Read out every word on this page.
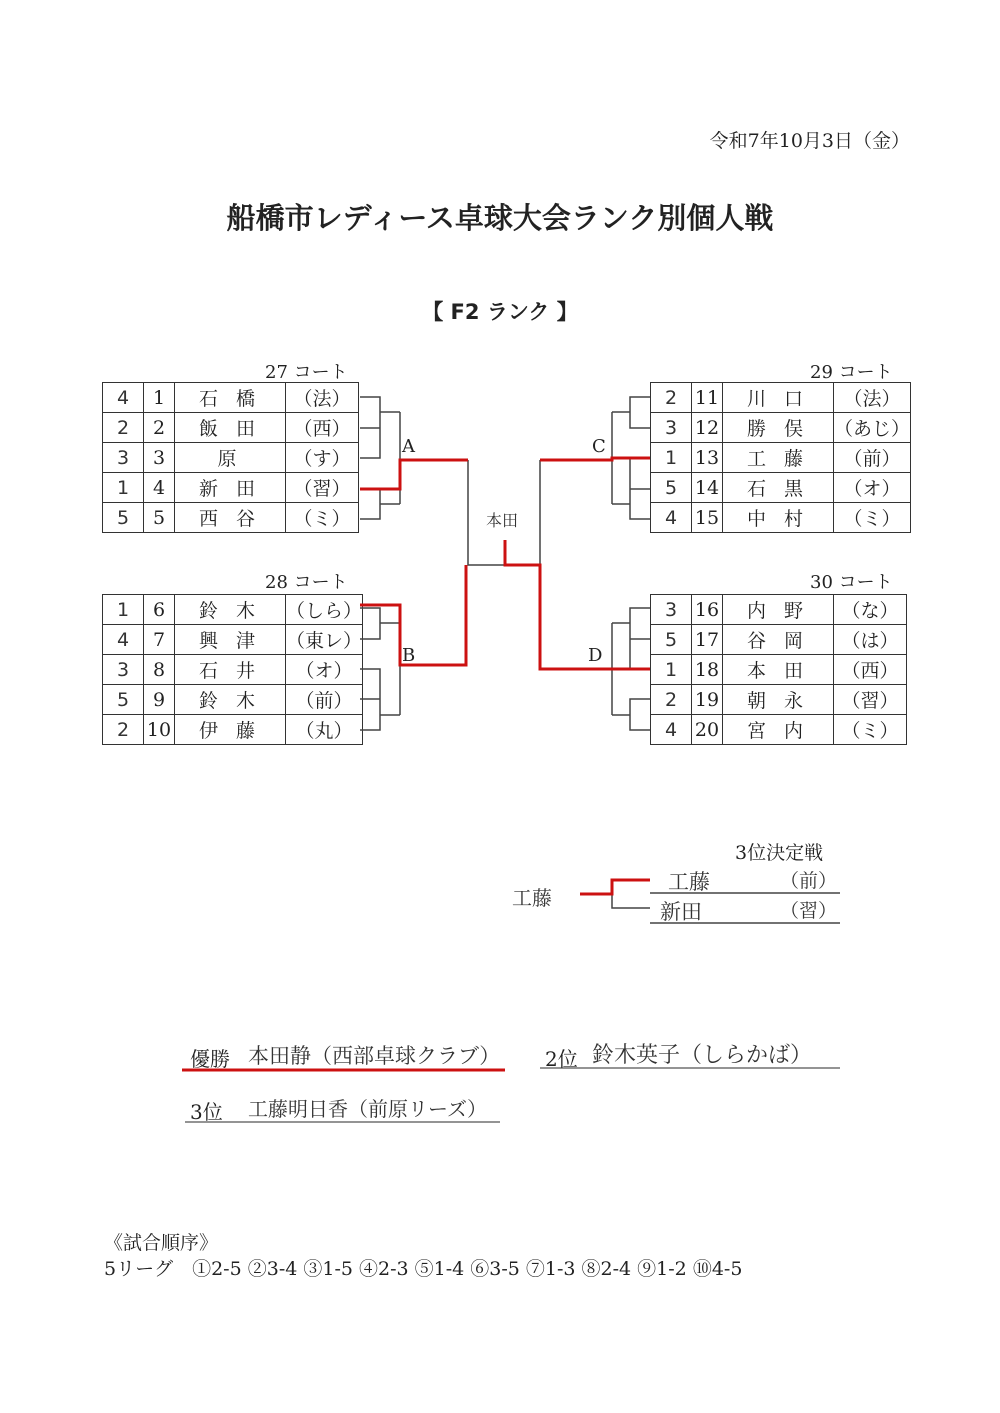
令和7年10月3日（金）
船橋市レディース卓球大会ランク別個人戦
【 F2 ランク 】
27 コート
28 コート
29 コート
30 コート
4	1	石 橋	（法）
2	2	飯 田	（西）
3	3	原	（す）
1	4	新 田	（習）
5	5	西 谷	（ミ）
1	6	鈴 木	（しら）
4	7	興 津	（東レ）
3	8	石 井	（オ）
5	9	鈴 木	（前）
2	10	伊 藤	（丸）
2	11	川 口	（法）
3	12	勝 俣	（あじ）
1	13	工 藤	（前）
5	14	石 黒	（オ）
4	15	中 村	（ミ）
3	16	内 野	（な）
5	17	谷 岡	（は）
1	18	本 田	（西）
2	19	朝 永	（習）
4	20	宮 内	（ミ）
A
B
C
D
本田
3位決定戦
工藤
工藤	（前）
新田	（習）
優勝 本田静（西部卓球クラブ） 2位 鈴木英子（しらかば）
3位 工藤明日香（前原リーズ）
《試合順序》
5リーグ　①2-5 ②3-4 ③1-5 ④2-3 ⑤1-4 ⑥3-5 ⑦1-3 ⑧2-4 ⑨1-2 ⑩4-5
